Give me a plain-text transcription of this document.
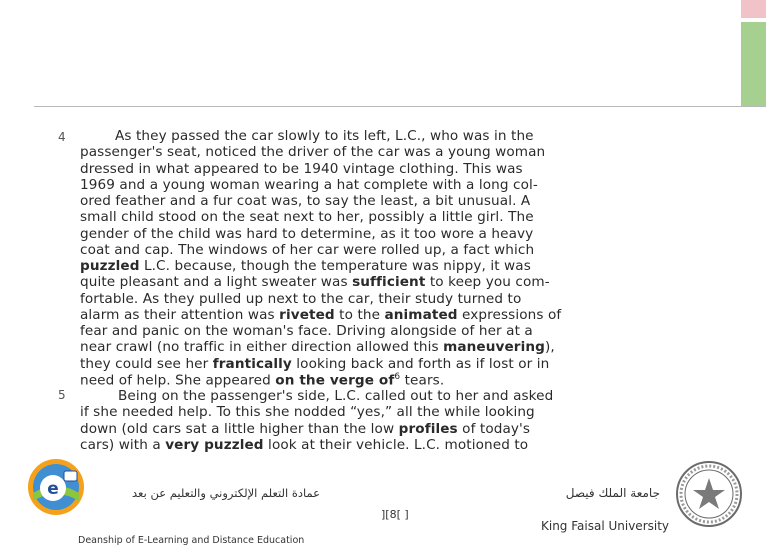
4
5
As they passed the car slowly to its left, L.C., who was in the
passenger's seat, noticed the driver of the car was a young woman
dressed in what appeared to be 1940 vintage clothing. This was
1969 and a young woman wearing a hat complete with a long col-
ored feather and a fur coat was, to say the least, a bit unusual. A
small child stood on the seat next to her, possibly a little girl. The
gender of the child was hard to determine, as it too wore a heavy
coat and cap. The windows of her car were rolled up, a fact which
puzzled L.C. because, though the temperature was nippy, it was
quite pleasant and a light sweater was sufficient to keep you com-
fortable. As they pulled up next to the car, their study turned to
alarm as their attention was riveted to the animated expressions of
fear and panic on the woman's face. Driving alongside of her at a
near crawl (no traffic in either direction allowed this maneuvering),
they could see her frantically looking back and forth as if lost or in
need of help. She appeared on the verge $of^6$ tears.
Being on the passenger's side, L.C. called out to her and asked
if she needed help. To this she nodded “yes,” all the while looking
down (old cars sat a little higher than the low profiles of today's
cars) with a very puzzled look at their vehicle. L.C. motioned to
e	عمادة التعلم الإلكتروني والتعليم عن بعد
Deanship of E-Learning and Distance Education
][8[ ]
جامعة الملك فيصل
King Faisal University
